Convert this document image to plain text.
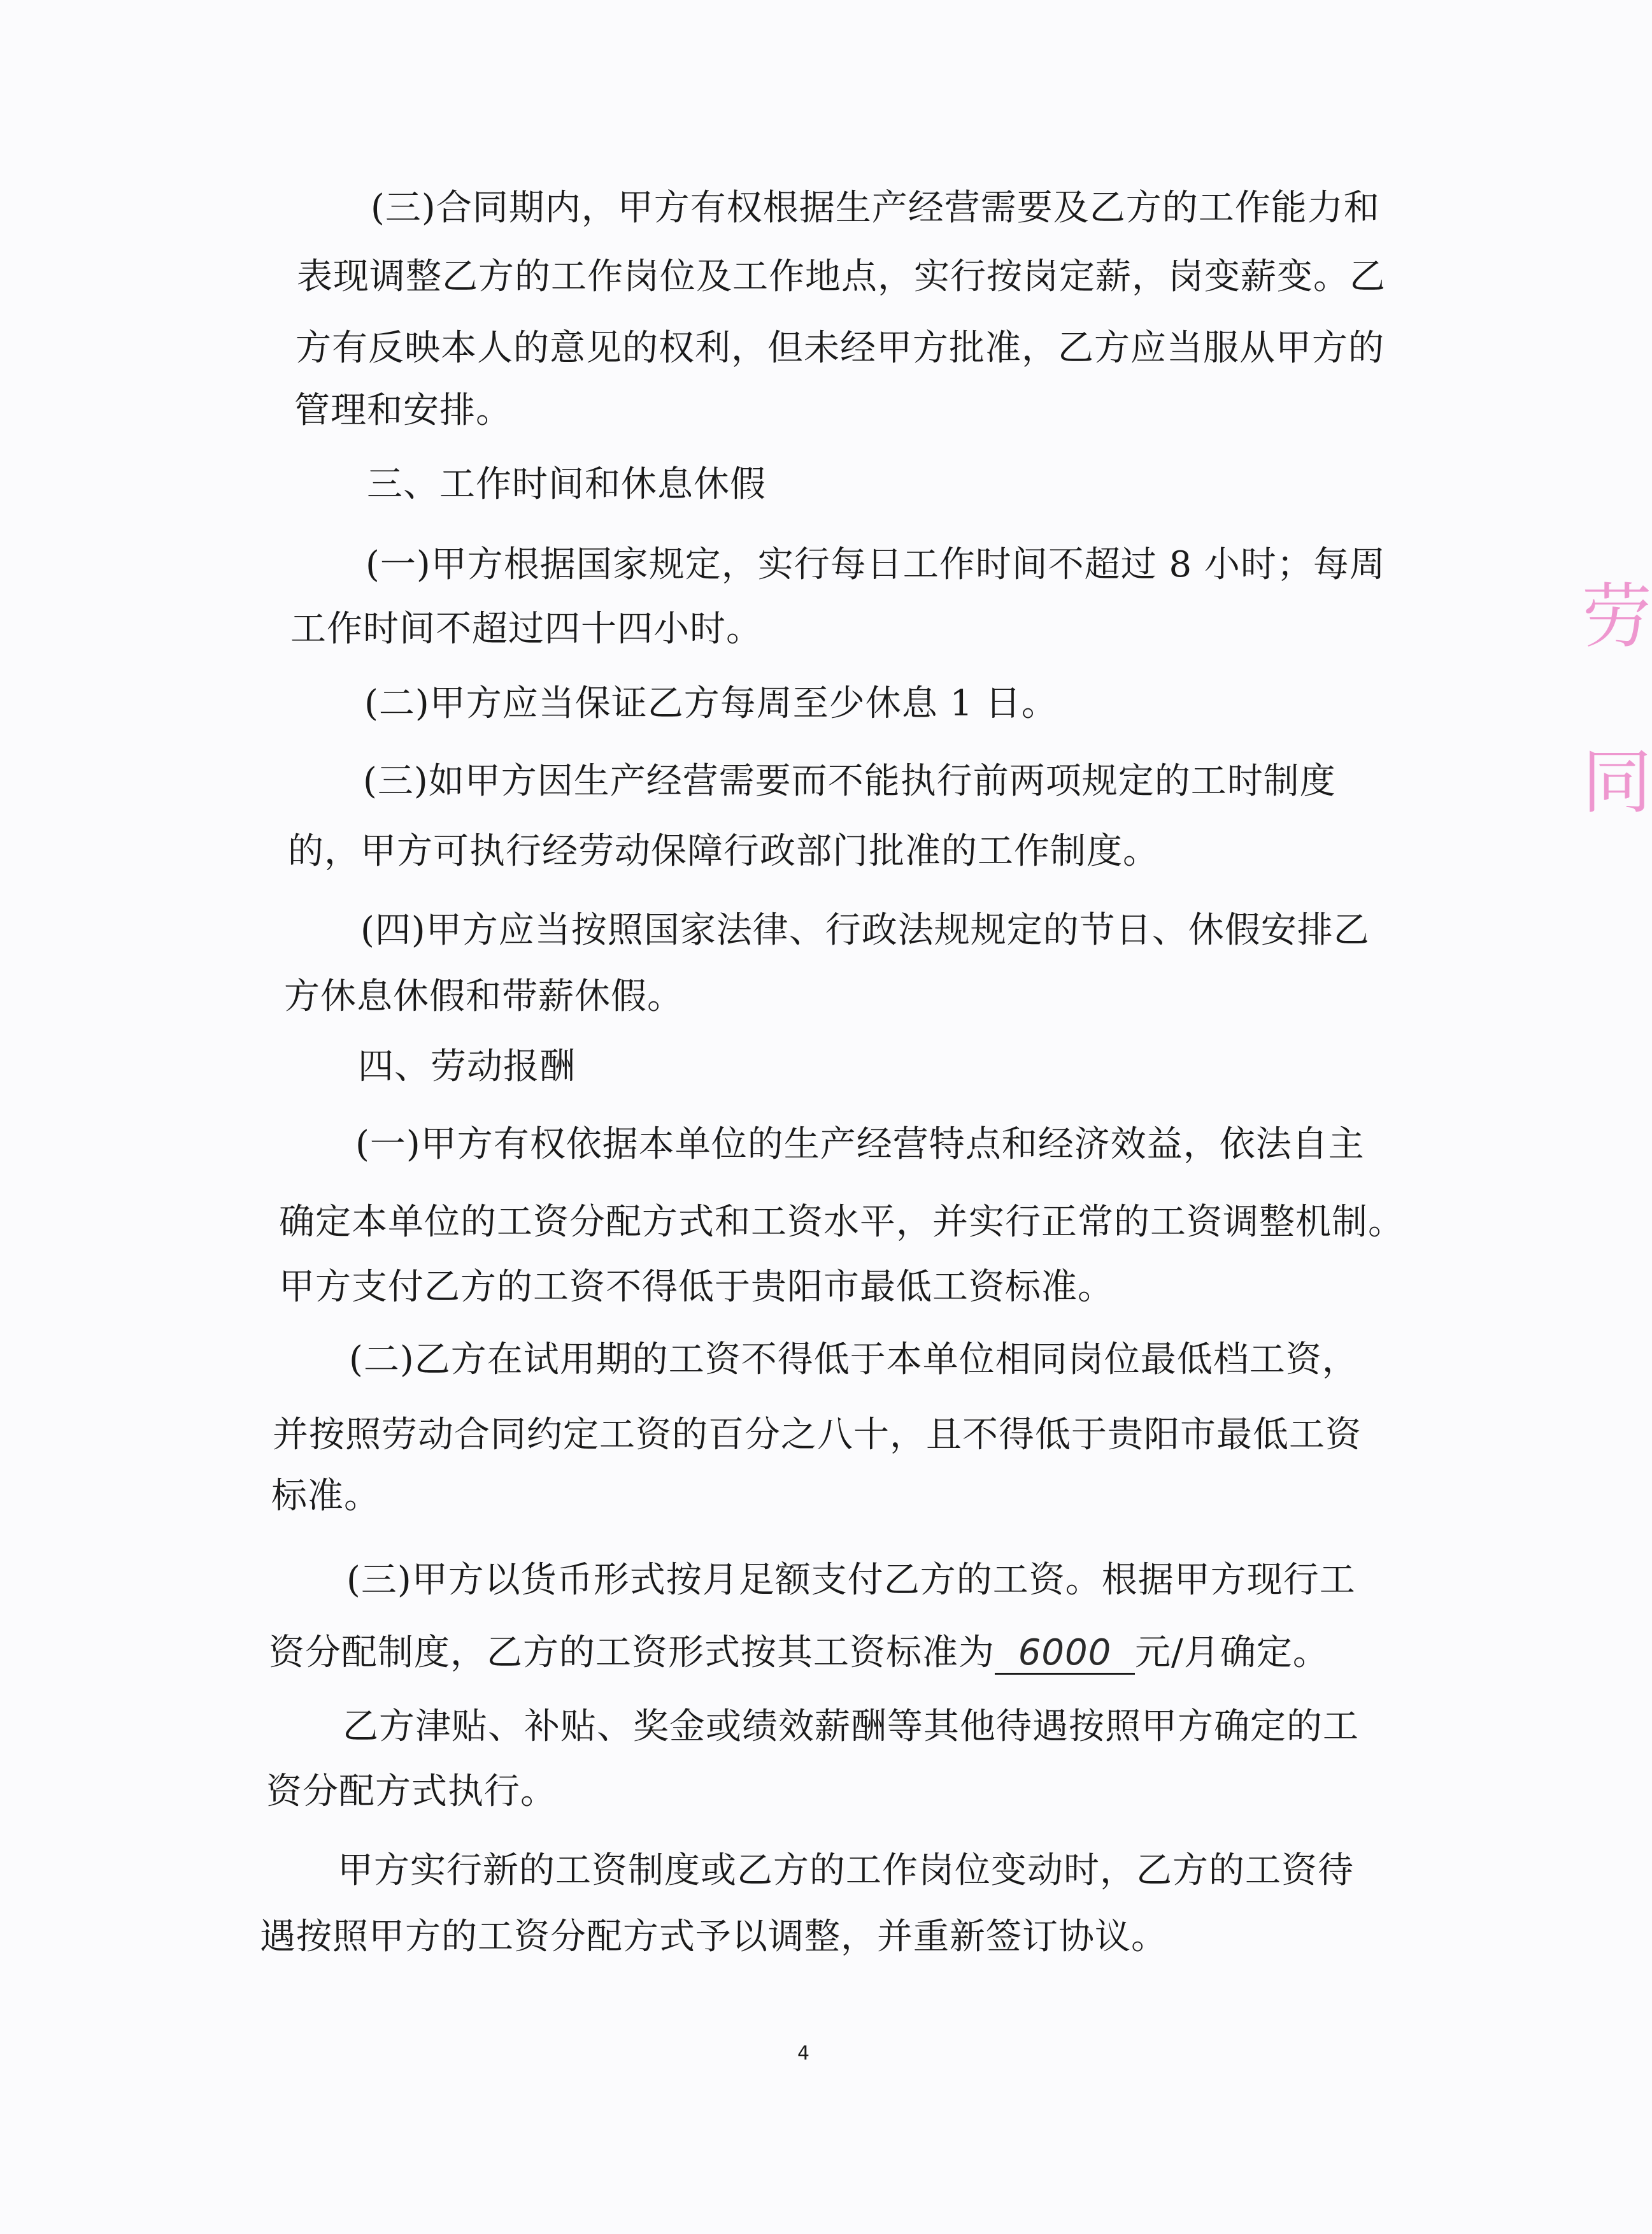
(三)合同期内，甲方有权根据生产经营需要及乙方的工作能力和
表现调整乙方的工作岗位及工作地点，实行按岗定薪，岗变薪变。乙
方有反映本人的意见的权利，但未经甲方批准，乙方应当服从甲方的
管理和安排。
三、工作时间和休息休假
(一)甲方根据国家规定，实行每日工作时间不超过 8 小时；每周
工作时间不超过四十四小时。
(二)甲方应当保证乙方每周至少休息 1 日。
(三)如甲方因生产经营需要而不能执行前两项规定的工时制度
的，甲方可执行经劳动保障行政部门批准的工作制度。
(四)甲方应当按照国家法律、行政法规规定的节日、休假安排乙
方休息休假和带薪休假。
四、劳动报酬
(一)甲方有权依据本单位的生产经营特点和经济效益，依法自主
确定本单位的工资分配方式和工资水平，并实行正常的工资调整机制。
甲方支付乙方的工资不得低于贵阳市最低工资标准。
(二)乙方在试用期的工资不得低于本单位相同岗位最低档工资，
并按照劳动合同约定工资的百分之八十，且不得低于贵阳市最低工资
标准。
(三)甲方以货币形式按月足额支付乙方的工资。根据甲方现行工
资分配制度，乙方的工资形式按其工资标准为 6000 元/月确定。
乙方津贴、补贴、奖金或绩效薪酬等其他待遇按照甲方确定的工
资分配方式执行。
甲方实行新的工资制度或乙方的工作岗位变动时，乙方的工资待
遇按照甲方的工资分配方式予以调整，并重新签订协议。
4
劳
同
